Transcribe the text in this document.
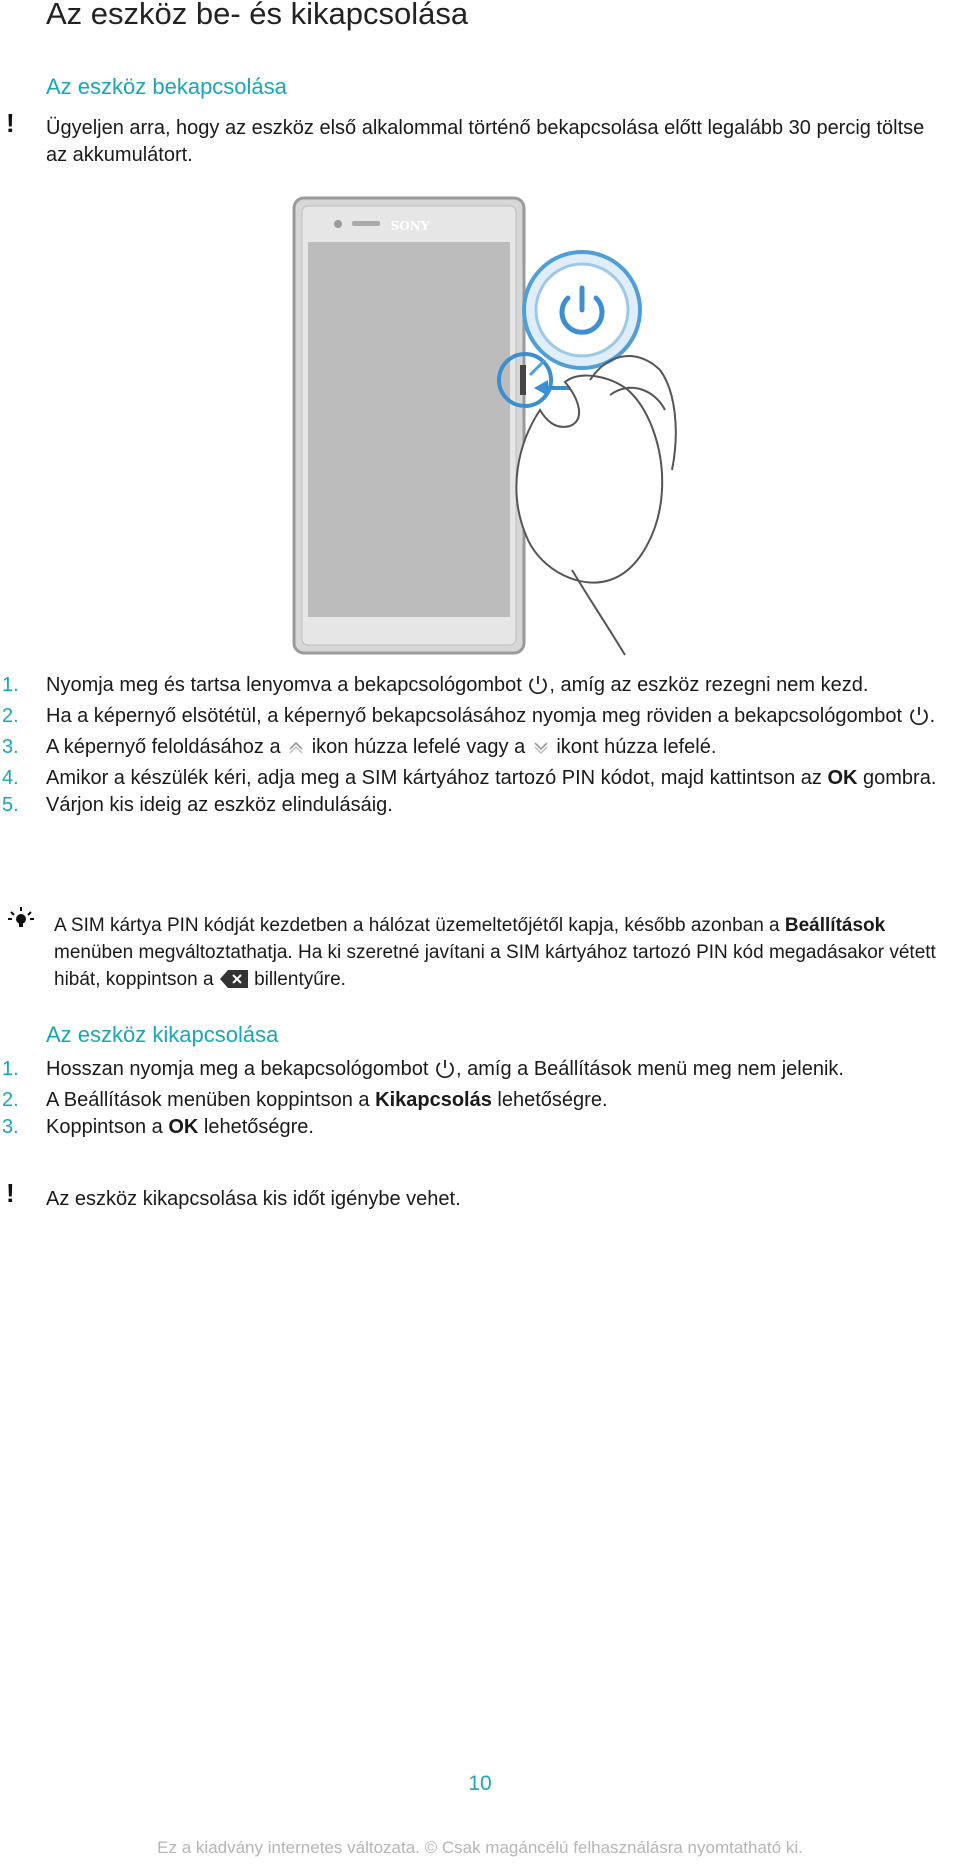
Az eszköz be- és kikapcsolása
Az eszköz bekapcsolása
! Ügyeljen arra, hogy az eszköz első alkalommal történő bekapcsolása előtt legalább 30 percig töltse az akkumulátort.
SONY
1. Nyomja meg és tartsa lenyomva a bekapcsológombot , amíg az eszköz rezegni nem kezd.
2. Ha a képernyő elsötétül, a képernyő bekapcsolásához nyomja meg röviden a bekapcsológombot .
3. A képernyő feloldásához a  ikon húzza lefelé vagy a  ikont húzza lefelé.
4. Amikor a készülék kéri, adja meg a SIM kártyához tartozó PIN kódot, majd kattintson az OK gombra.
5. Várjon kis ideig az eszköz elindulásáig.
A SIM kártya PIN kódját kezdetben a hálózat üzemeltetőjétől kapja, később azonban a Beállítások menüben megváltoztathatja. Ha ki szeretné javítani a SIM kártyához tartozó PIN kód megadásakor vétett hibát, koppintson a  billentyűre.
Az eszköz kikapcsolása
1. Hosszan nyomja meg a bekapcsológombot , amíg a Beállítások menü meg nem jelenik.
2. A Beállítások menüben koppintson a Kikapcsolás lehetőségre.
3. Koppintson a OK lehetőségre.
! Az eszköz kikapcsolása kis időt igénybe vehet.
10
Ez a kiadvány internetes változata. © Csak magáncélú felhasználásra nyomtatható ki.
